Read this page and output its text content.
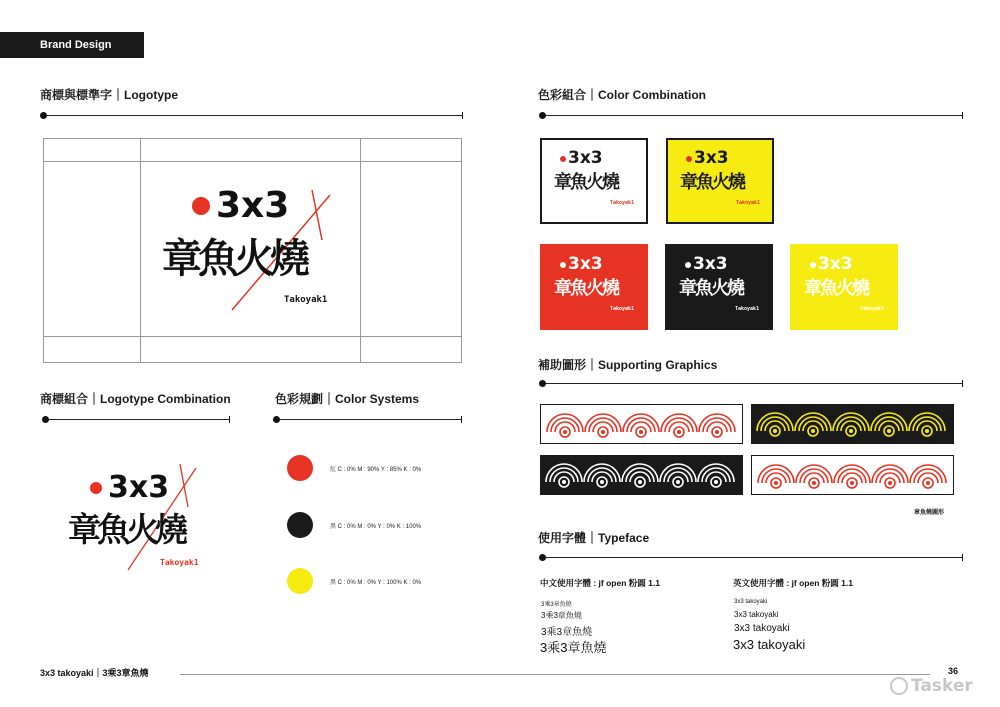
Brand Design
商標與標準字｜Logotype
3x3
章魚火燒
Takoyak1
商標組合｜Logotype Combination
3x3
章魚火燒
Takoyak1
色彩規劃｜Color Systems
紅 C : 0% M : 90% Y : 85% K : 0%
黑 C : 0% M : 0% Y : 0% K : 100%
黑 C : 0% M : 0% Y : 100% K : 0%
色彩組合｜Color Combination
3x3
章魚火燒
Takoyak1
3x3
章魚火燒
Takoyak1
3x3
章魚火燒
Takoyak1
3x3
章魚火燒
Takoyak1
3x3
章魚火燒
Takoyak1
補助圖形｜Supporting Graphics
章魚燒圖形
使用字體｜Typeface
中文使用字體 : jf open 粉圓 1.1
3乘3章魚燒
3乘3章魚燒
3乘3章魚燒
3乘3章魚燒
英文使用字體 : jf open 粉圓 1.1
3x3 takoyaki
3x3 takoyaki
3x3 takoyaki
3x3 takoyaki
3x3 takoyaki｜3乘3章魚燒	36
Tasker
